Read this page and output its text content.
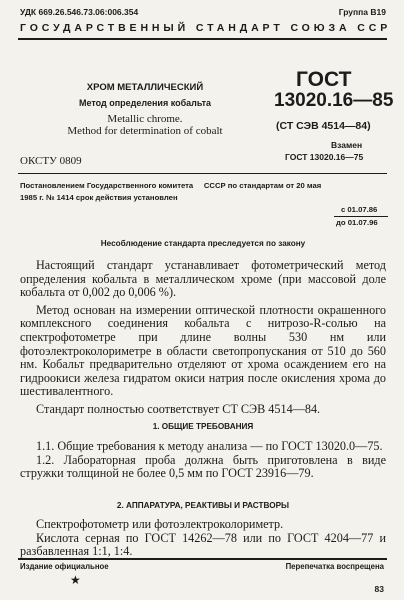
УДК 669.26.546.73.06:006.354	Группа В19
ГОСУДАРСТВЕННЫЙ СТАНДАРТ СОЮЗА ССР
ХРОМ МЕТАЛЛИЧЕСКИЙ
Метод определения кобальта
Metallic chrome.
Method for determination of cobalt
ОКСТУ 0809
ГОСТ
13020.16—85
(СТ СЭВ 4514—84)
Взамен
ГОСТ 13020.16—75
Постановлением Государственного комитета     СССР по стандартам от 20 мая
1985 г. № 1414 срок действия установлен
с 01.07.86
до 01.07.96
Несоблюдение стандарта преследуется по закону

Настоящий стандарт устанавливает фотометрический метод определения кобальта в металлическом хроме (при массовой доле кобальта от 0,002 до 0,006 %).

Метод основан на измерении оптической плотности окрашенного комплексного соединения кобальта с нитрозо-R-солью на спектрофотометре при длине волны 530 нм или фотоэлектроколориметре в области светопропускания от 510 до 560 нм. Кобальт предварительно отделяют от хрома осаждением его на гидроокиси железа гидратом окиси натрия после окисления хрома до шестивалентного.

Стандарт полностью соответствует СТ СЭВ 4514—84.

1. ОБЩИЕ ТРЕБОВАНИЯ

1.1. Общие требования к методу анализа — по ГОСТ 13020.0—75.

1.2. Лабораторная проба должна быть приготовлена в виде стружки толщиной не более 0,5 мм по ГОСТ 23916—79.

2. АППАРАТУРА, РЕАКТИВЫ И РАСТВОРЫ

Спектрофотометр или фотоэлектроколориметр.

Кислота серная по ГОСТ 14262—78 или по ГОСТ 4204—77 и разбавленная 1:1, 1:4.

Издание официальное	Перепечатка воспрещена
★
83
